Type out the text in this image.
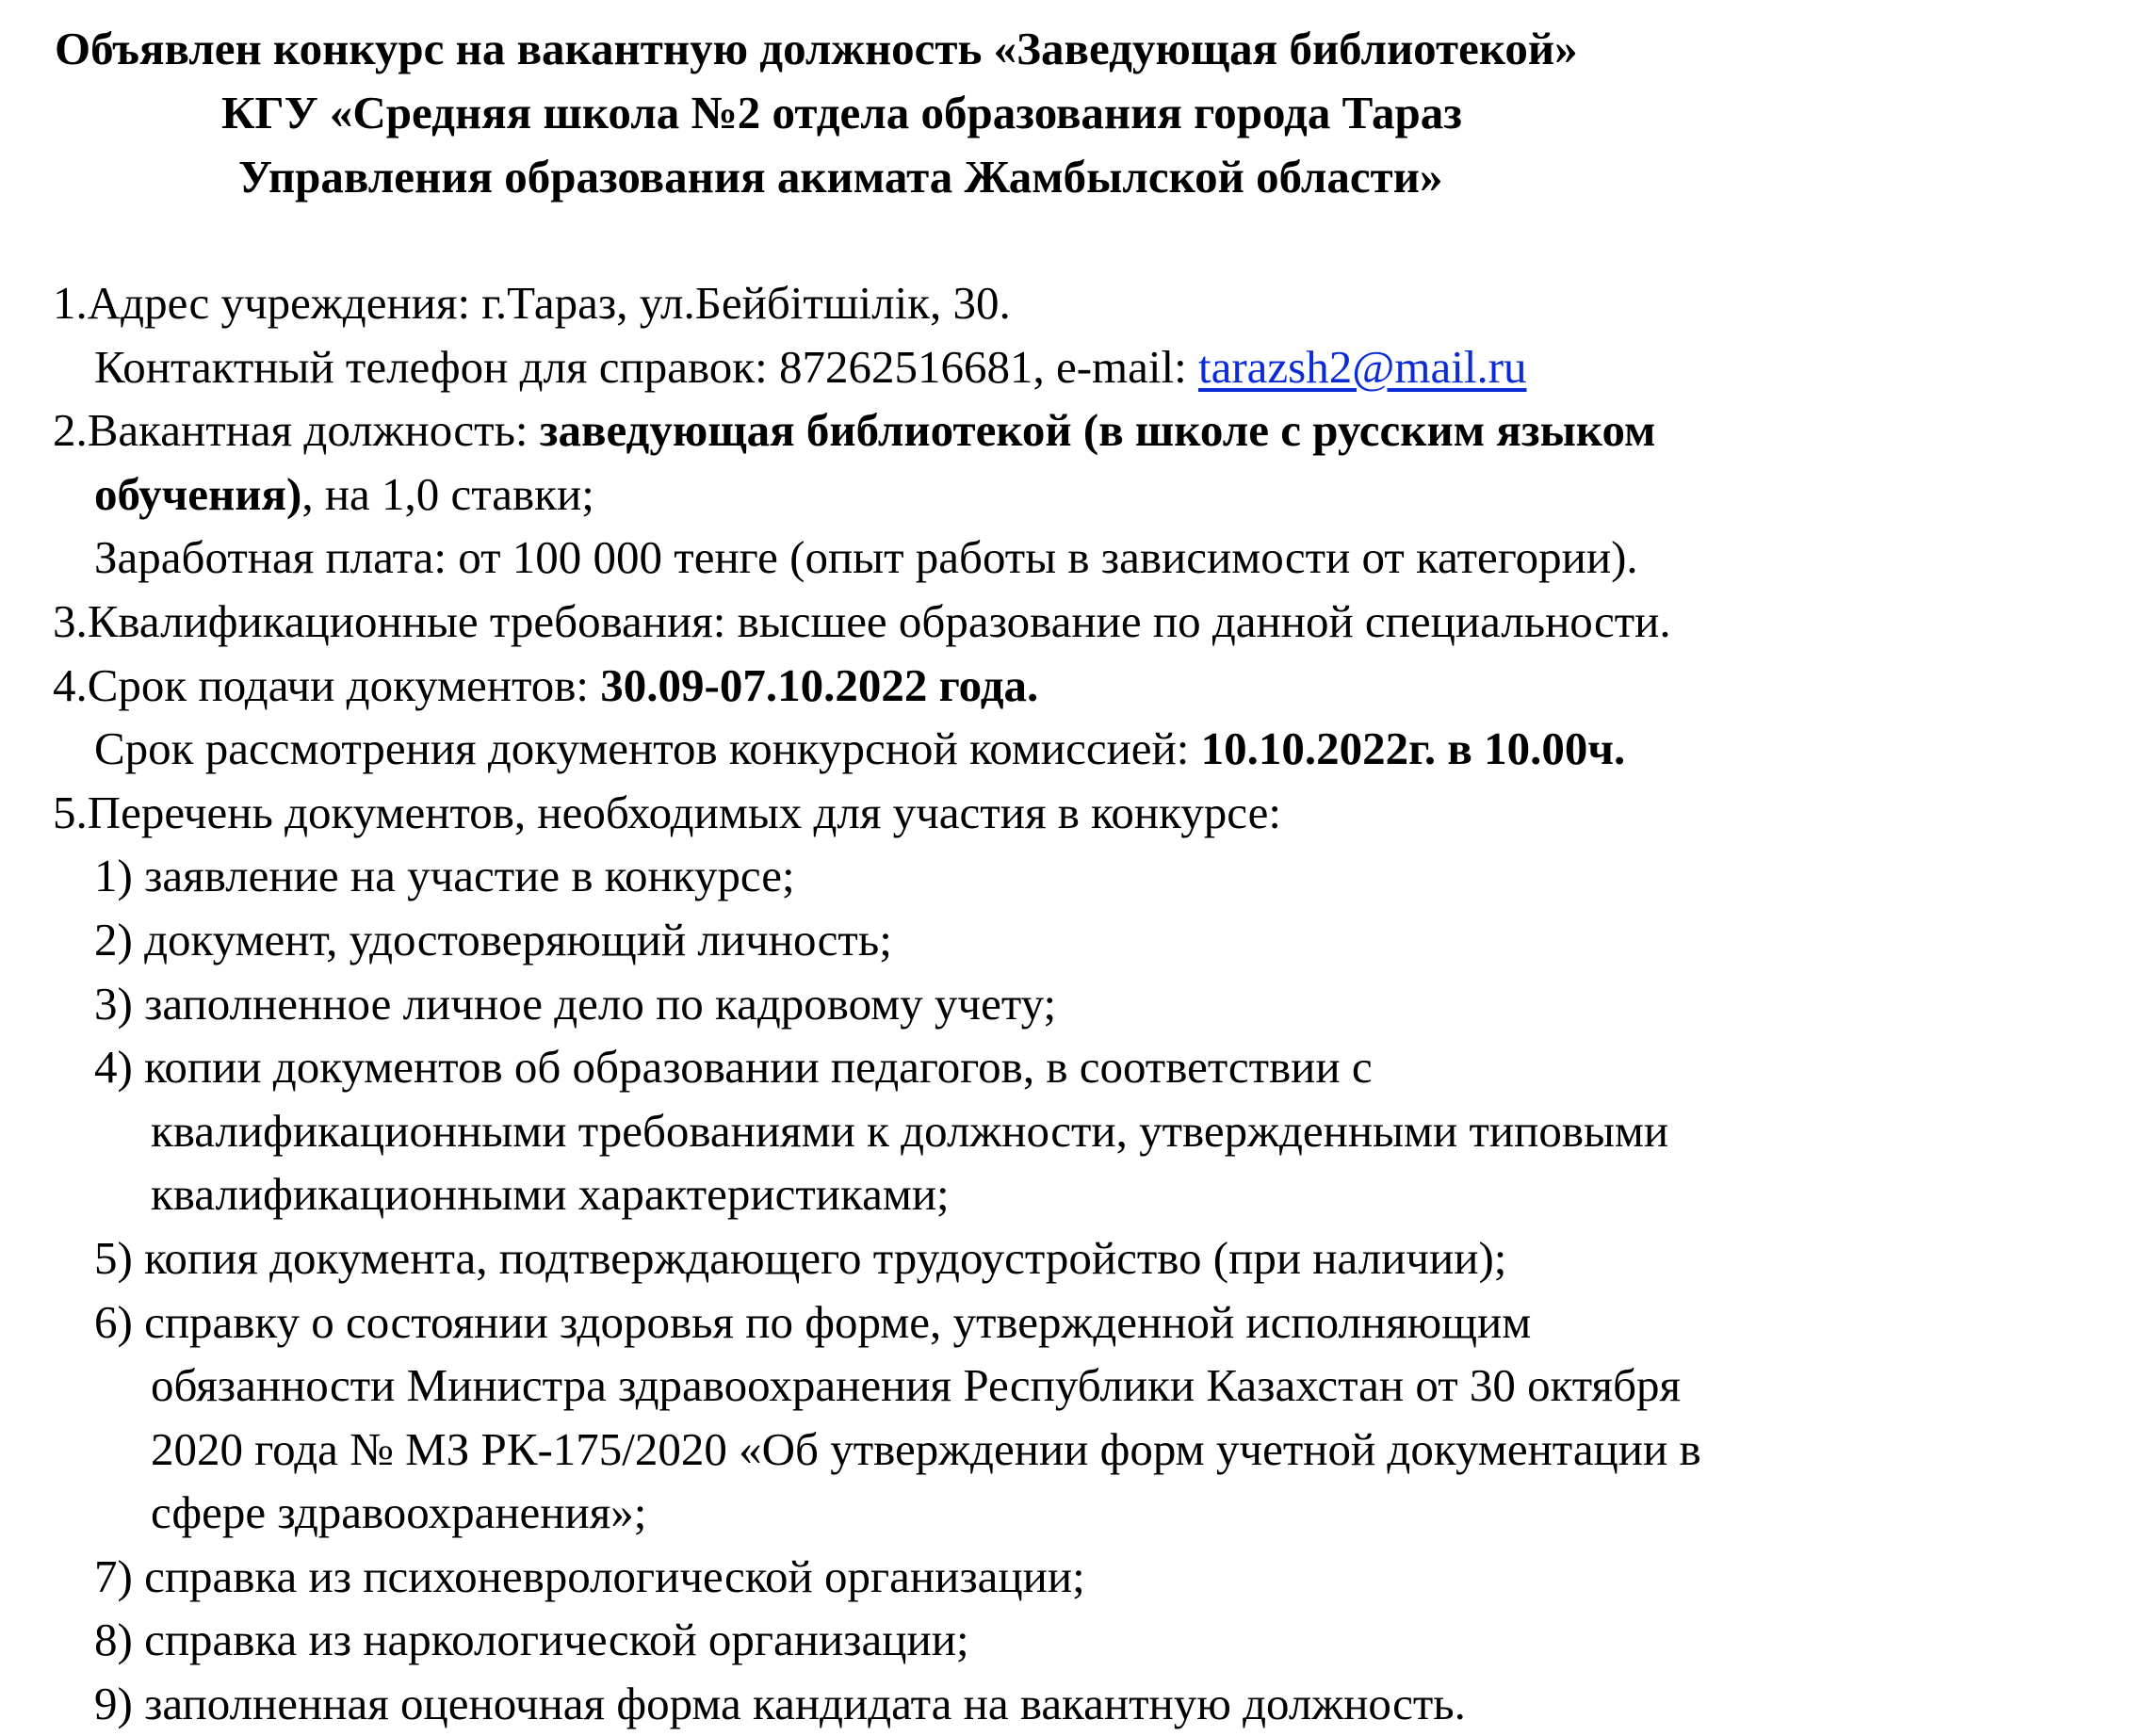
Объявлен конкурс на вакантную должность «Заведующая библиотекой»
КГУ «Средняя школа №2 отдела образования города Тараз
Управления образования акимата Жамбылской области»
1.Адрес учреждения: г.Тараз, ул.Бейбітшілік, 30.
Контактный телефон для справок: 87262516681, e-mail: tarazsh2@mail.ru
2.Вакантная должность: заведующая библиотекой (в школе с русским языком
обучения), на 1,0 ставки;
Заработная плата: от 100 000 тенге (опыт работы в зависимости от категории).
3.Квалификационные требования: высшее образование по данной специальности.
4.Срок подачи документов: 30.09-07.10.2022 года.
Срок рассмотрения документов конкурсной комиссией: 10.10.2022г. в 10.00ч.
5.Перечень документов, необходимых для участия в конкурсе:
1) заявление на участие в конкурсе;
2) документ, удостоверяющий личность;
3) заполненное личное дело по кадровому учету;
4) копии документов об образовании педагогов, в соответствии с
квалификационными требованиями к должности, утвержденными типовыми
квалификационными характеристиками;
5) копия документа, подтверждающего трудоустройство (при наличии);
6) справку о состоянии здоровья по форме, утвержденной исполняющим
обязанности Министра здравоохранения Республики Казахстан от 30 октября
2020 года № МЗ РК-175/2020 «Об утверждении форм учетной документации в
сфере здравоохранения»;
7) справка из психоневрологической организации;
8) справка из наркологической организации;
9) заполненная оценочная форма кандидата на вакантную должность.
